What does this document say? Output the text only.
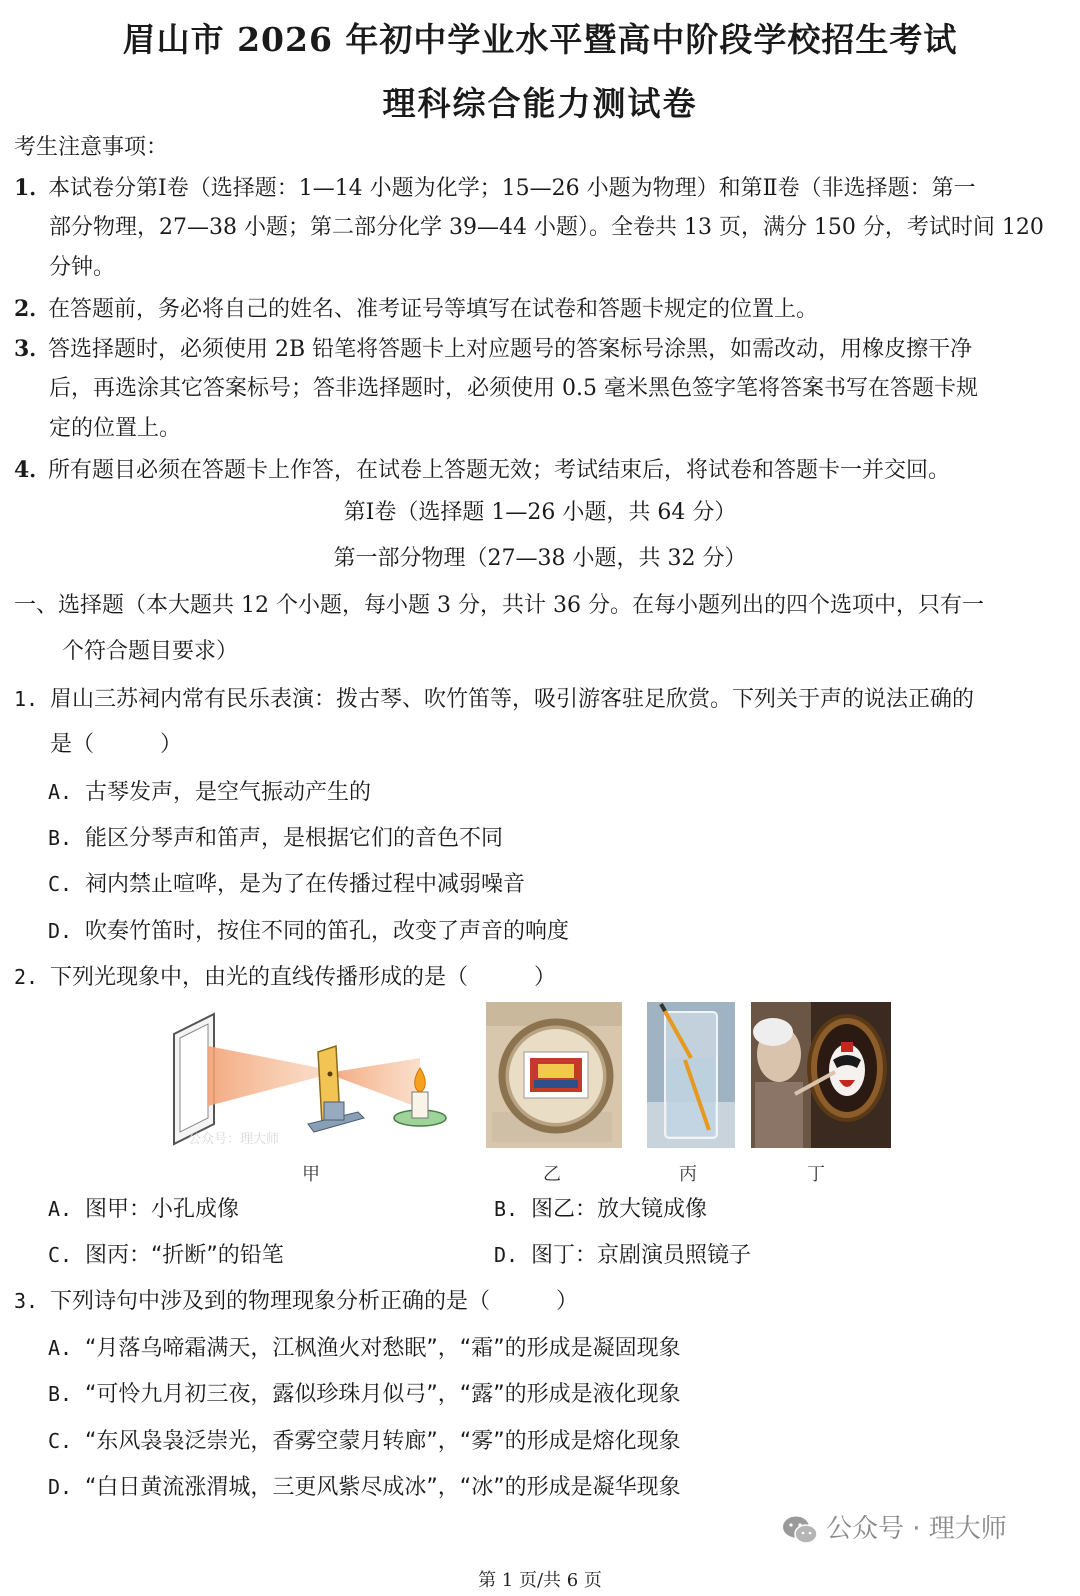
眉山市 2026 年初中学业水平暨高中阶段学校招生考试
理科综合能力测试卷
考生注意事项：
1．本试卷分第Ⅰ卷（选择题：1—14 小题为化学；15—26 小题为物理）和第Ⅱ卷（非选择题：第一
部分物理，27—38 小题；第二部分化学 39—44 小题）。全卷共 13 页，满分 150 分，考试时间 120
分钟。
2．在答题前，务必将自己的姓名、准考证号等填写在试卷和答题卡规定的位置上。
3．答选择题时，必须使用 2B 铅笔将答题卡上对应题号的答案标号涂黑，如需改动，用橡皮擦干净
后，再选涂其它答案标号；答非选择题时，必须使用 0.5 毫米黑色签字笔将答案书写在答题卡规
定的位置上。
4．所有题目必须在答题卡上作答，在试卷上答题无效；考试结束后，将试卷和答题卡一并交回。
第Ⅰ卷（选择题 1—26 小题，共 64 分）
第一部分物理（27—38 小题，共 32 分）
一、选择题（本大题共 12 个小题，每小题 3 分，共计 36 分。在每小题列出的四个选项中，只有一
个符合题目要求）
1. 眉山三苏祠内常有民乐表演：拨古琴、吹竹笛等，吸引游客驻足欣赏。下列关于声的说法正确的
是（　　　）
A. 古琴发声，是空气振动产生的
B. 能区分琴声和笛声，是根据它们的音色不同
C. 祠内禁止喧哗，是为了在传播过程中减弱噪音
D. 吹奏竹笛时，按住不同的笛孔，改变了声音的响度
2. 下列光现象中，由光的直线传播形成的是（　　　）
公众号：理大师
甲	乙	丙	丁
A. 图甲：小孔成像	B. 图乙：放大镜成像
C. 图丙：“折断”的铅笔	D. 图丁：京剧演员照镜子
3. 下列诗句中涉及到的物理现象分析正确的是（　　　）
A. “月落乌啼霜满天，江枫渔火对愁眠”，“霜”的形成是凝固现象
B. “可怜九月初三夜，露似珍珠月似弓”，“露”的形成是液化现象
C. “东风袅袅泛崇光，香雾空蒙月转廊”，“雾”的形成是熔化现象
D. “白日黄流涨渭城，三更风紫尽成冰”，“冰”的形成是凝华现象
公众号 · 理大师
第 1 页/共 6 页
